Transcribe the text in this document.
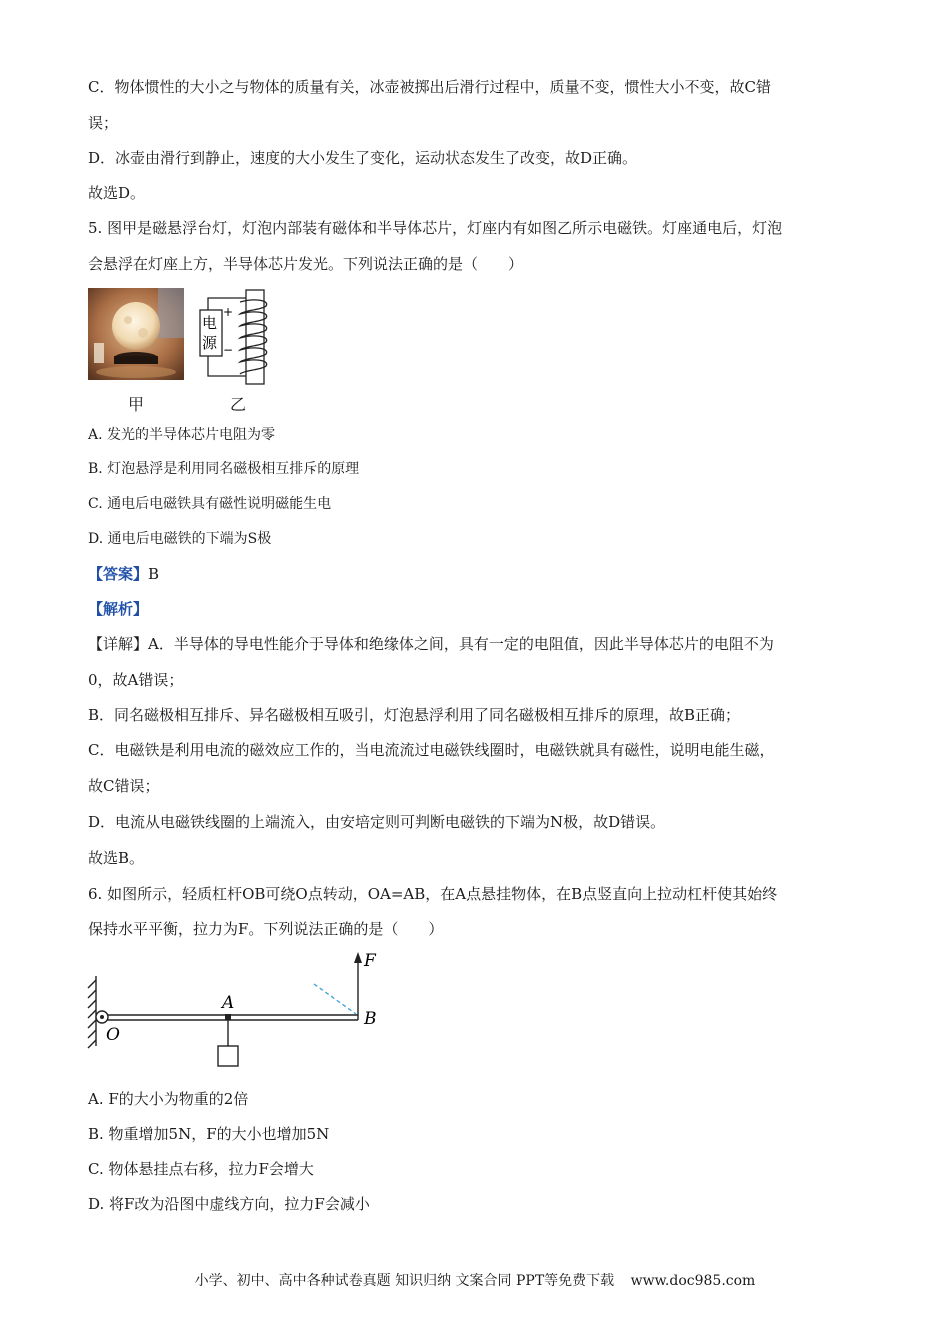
C．物体惯性的大小之与物体的质量有关，冰壶被掷出后滑行过程中，质量不变，惯性大小不变，故C错
误；
D．冰壶由滑行到静止，速度的大小发生了变化，运动状态发生了改变，故D正确。
故选D。
5. 图甲是磁悬浮台灯，灯泡内部装有磁体和半导体芯片，灯座内有如图乙所示电磁铁。灯座通电后，灯泡
会悬浮在灯座上方，半导体芯片发光。下列说法正确的是（　　）
电
源
+
−
甲	乙
A. 发光的半导体芯片电阻为零
B. 灯泡悬浮是利用同名磁极相互排斥的原理
C. 通电后电磁铁具有磁性说明磁能生电
D. 通电后电磁铁的下端为S极
【答案】B
【解析】
【详解】A．半导体的导电性能介于导体和绝缘体之间，具有一定的电阻值，因此半导体芯片的电阻不为
0，故A错误；
B．同名磁极相互排斥、异名磁极相互吸引，灯泡悬浮利用了同名磁极相互排斥的原理，故B正确；
C．电磁铁是利用电流的磁效应工作的，当电流流过电磁铁线圈时，电磁铁就具有磁性，说明电能生磁，
故C错误；
D．电流从电磁铁线圈的上端流入，由安培定则可判断电磁铁的下端为N极，故D错误。
故选B。
6. 如图所示，轻质杠杆OB可绕O点转动，OA=AB，在A点悬挂物体，在B点竖直向上拉动杠杆使其始终
保持水平平衡，拉力为F。下列说法正确的是（　　）
F
A
O
B
A. F的大小为物重的2倍
B. 物重增加5N，F的大小也增加5N
C. 物体悬挂点右移，拉力F会增大
D. 将F改为沿图中虚线方向，拉力F会减小
小学、初中、高中各种试卷真题 知识归纳 文案合同 PPT等免费下载 www.doc985.com
